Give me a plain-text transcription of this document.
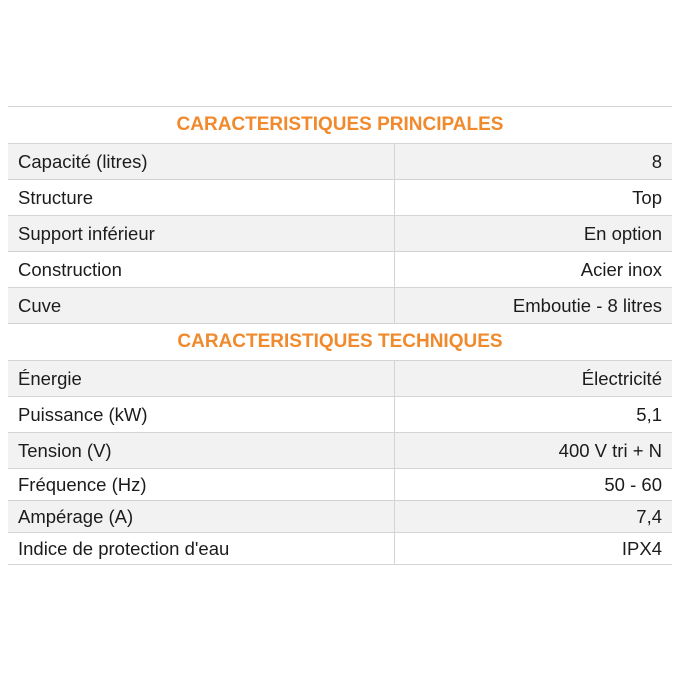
CARACTERISTIQUES PRINCIPALES
Capacité (litres)	8
Structure	Top
Support inférieur	En option
Construction	Acier inox
Cuve	Emboutie - 8 litres
CARACTERISTIQUES TECHNIQUES
Énergie	Électricité
Puissance (kW)	5,1
Tension (V)	400 V tri + N
Fréquence (Hz)	50 - 60
Ampérage (A)	7,4
Indice de protection d'eau	IPX4
